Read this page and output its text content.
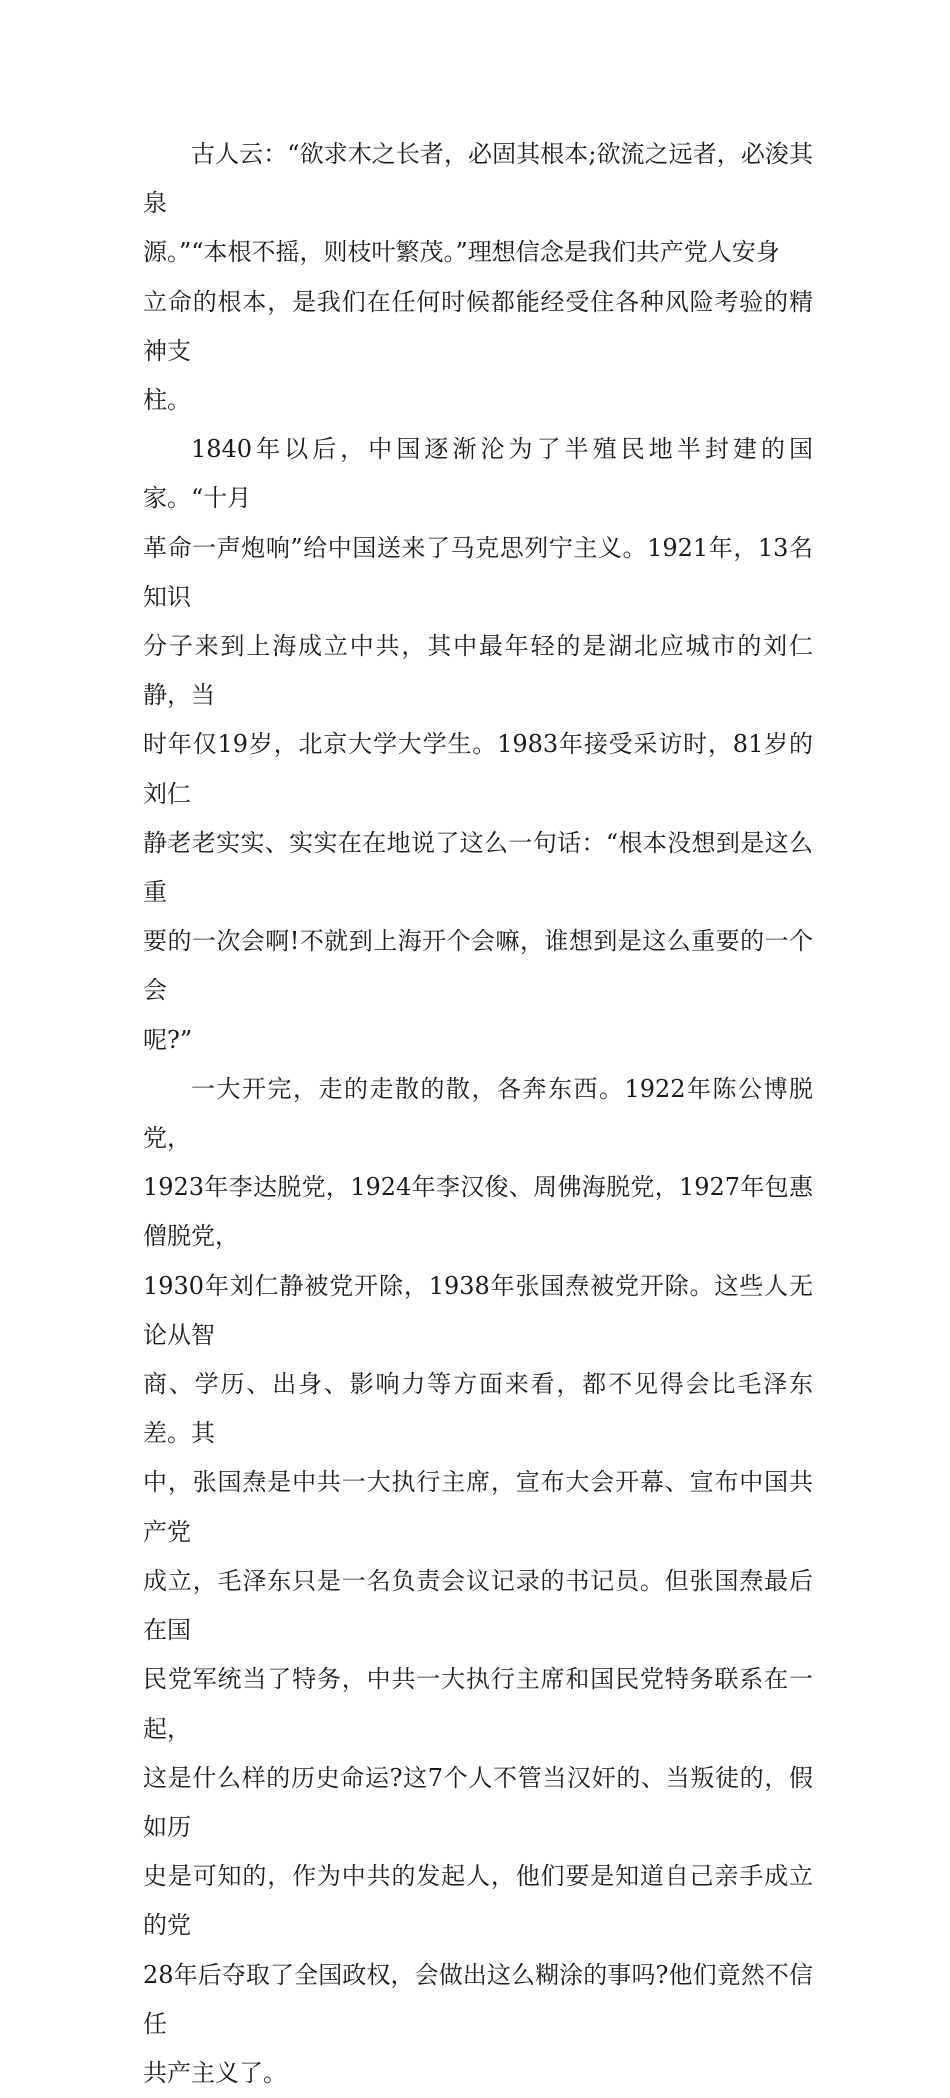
古人云：“欲求木之长者，必固其根本;欲流之远者，必浚其泉
源。”“本根不摇，则枝叶繁茂。”理想信念是我们共产党人安身
立命的根本，是我们在任何时候都能经受住各种风险考验的精神支
柱。

1840年以后，中国逐渐沦为了半殖民地半封建的国家。“十月
革命一声炮响”给中国送来了马克思列宁主义。1921年，13名知识
分子来到上海成立中共，其中最年轻的是湖北应城市的刘仁静，当
时年仅19岁，北京大学大学生。1983年接受采访时，81岁的刘仁
静老老实实、实实在在地说了这么一句话：“根本没想到是这么重
要的一次会啊!不就到上海开个会嘛，谁想到是这么重要的一个会
呢?”

一大开完，走的走散的散，各奔东西。1922年陈公博脱党，
1923年李达脱党，1924年李汉俊、周佛海脱党，1927年包惠僧脱党，
1930年刘仁静被党开除，1938年张国焘被党开除。这些人无论从智
商、学历、出身、影响力等方面来看，都不见得会比毛泽东差。其
中，张国焘是中共一大执行主席，宣布大会开幕、宣布中国共产党
成立，毛泽东只是一名负责会议记录的书记员。但张国焘最后在国
民党军统当了特务，中共一大执行主席和国民党特务联系在一起，
这是什么样的历史命运?这7个人不管当汉奸的、当叛徒的，假如历
史是可知的，作为中共的发起人，他们要是知道自己亲手成立的党
28年后夺取了全国政权，会做出这么糊涂的事吗?他们竟然不信任
共产主义了。
